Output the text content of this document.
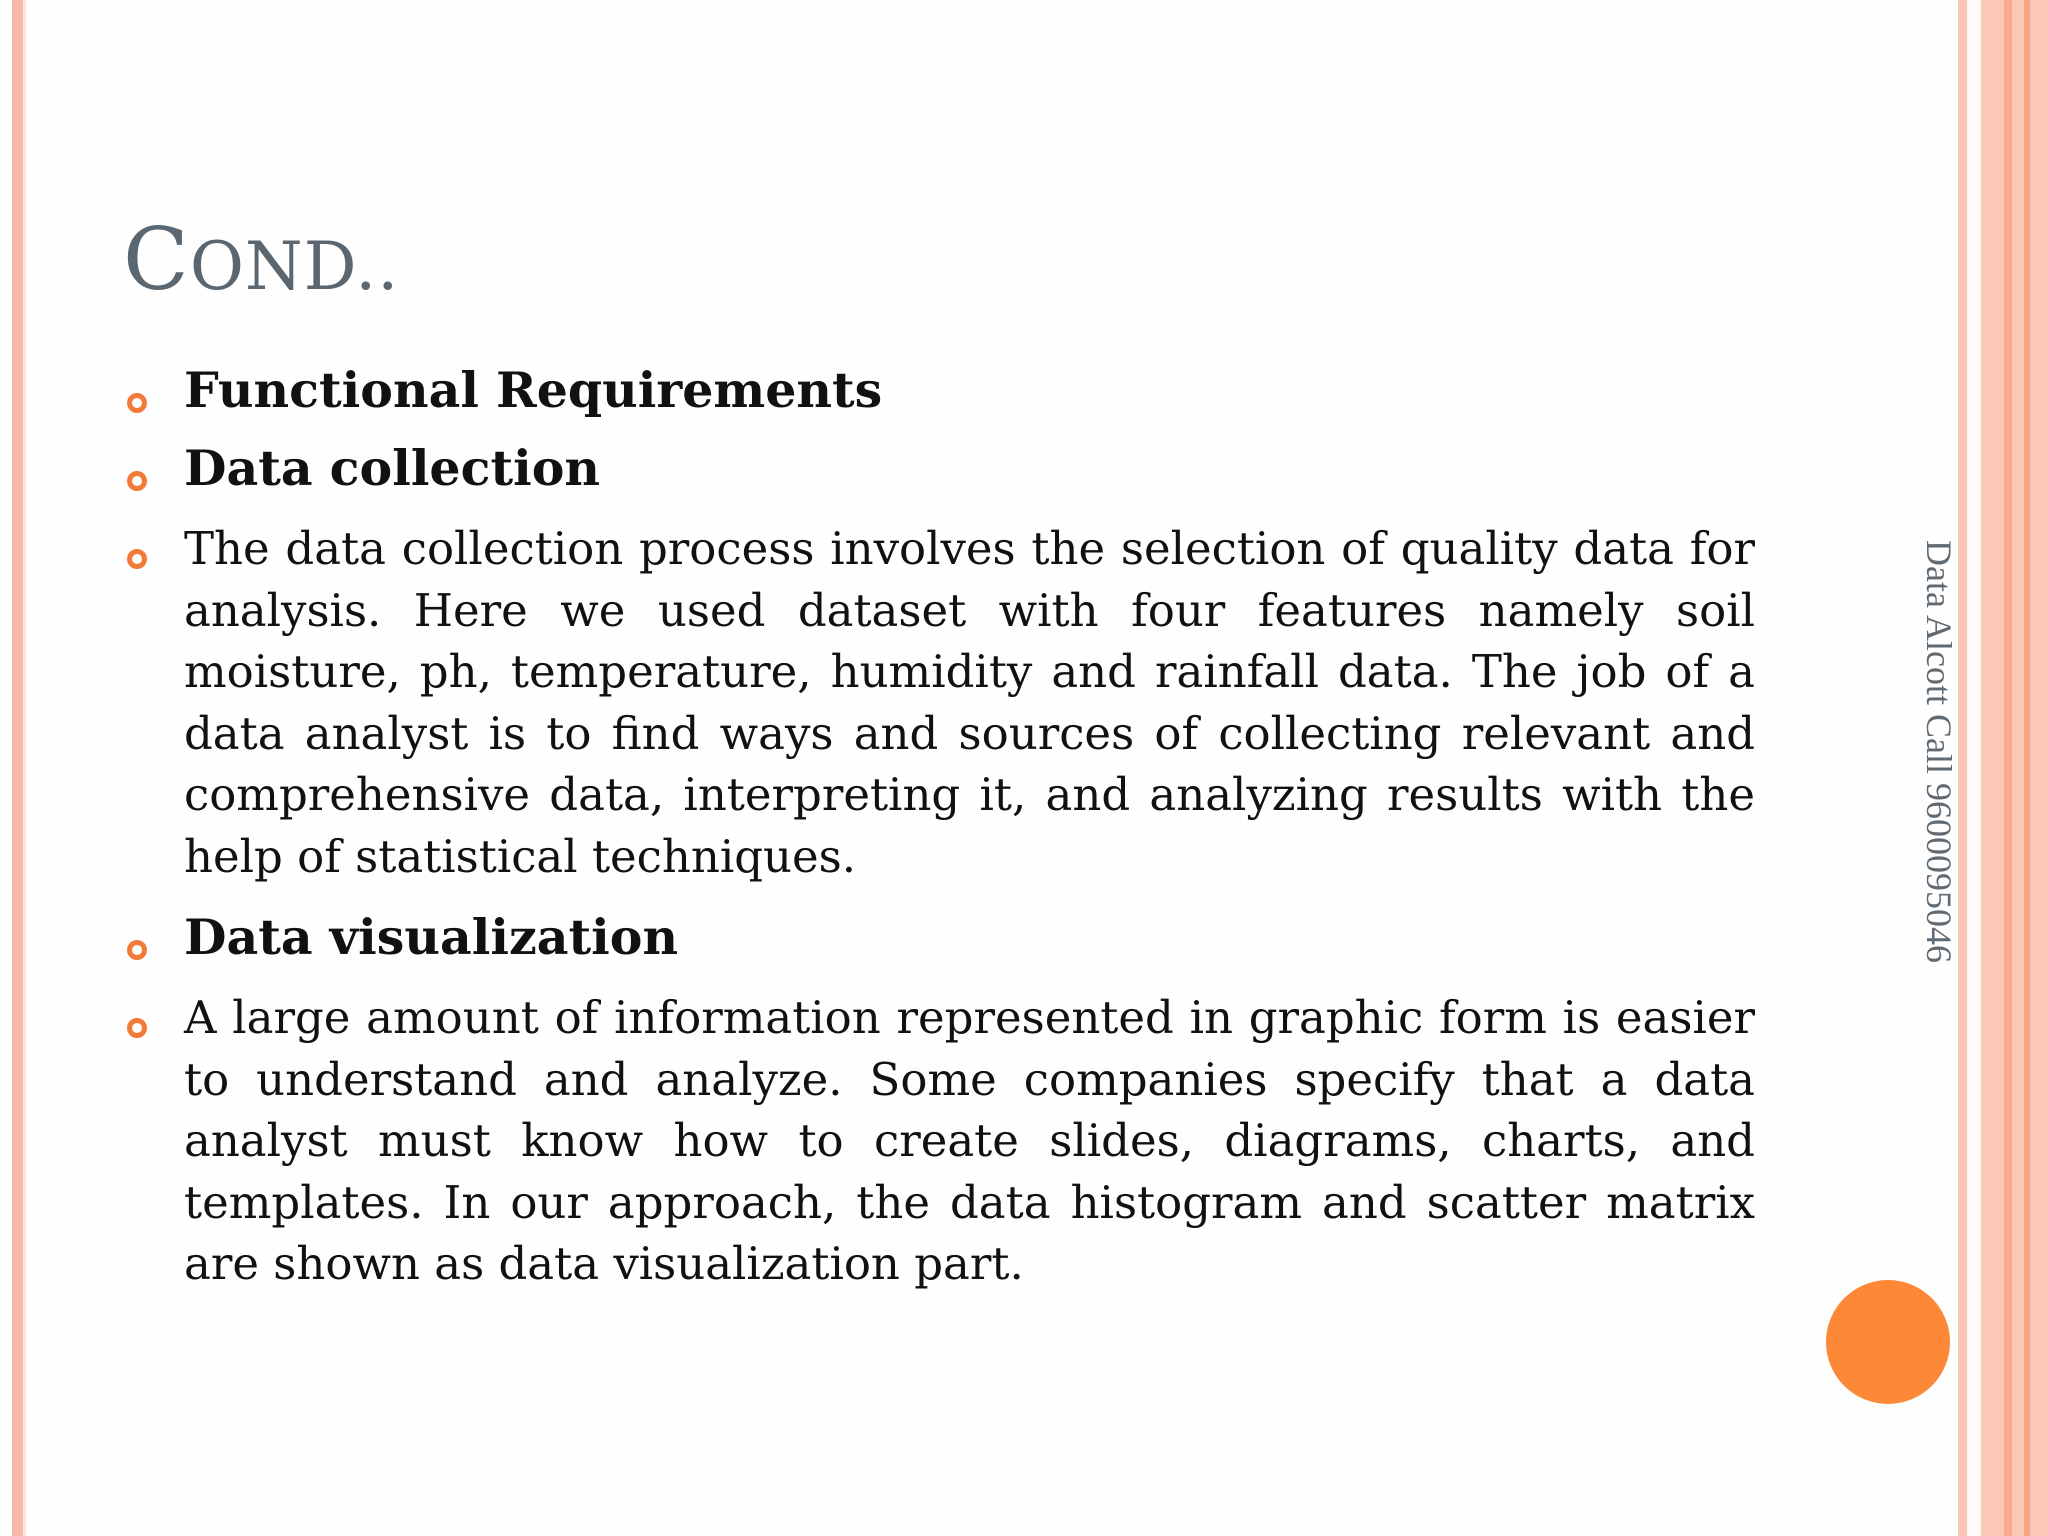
COND..
Functional Requirements
Data collection
The data collection process involves the selection of quality data for analysis. Here we used dataset with four features namely soil moisture, ph, temperature, humidity and rainfall data. The job of a data analyst is to find ways and sources of collecting relevant and comprehensive data, interpreting it, and analyzing results with the help of statistical techniques.
Data visualization
A large amount of information represented in graphic form is easier to understand and analyze. Some companies specify that a data analyst must know how to create slides, diagrams, charts, and templates. In our approach, the data histogram and scatter matrix are shown as data visualization part.
Data Alcott Call 9600095046
